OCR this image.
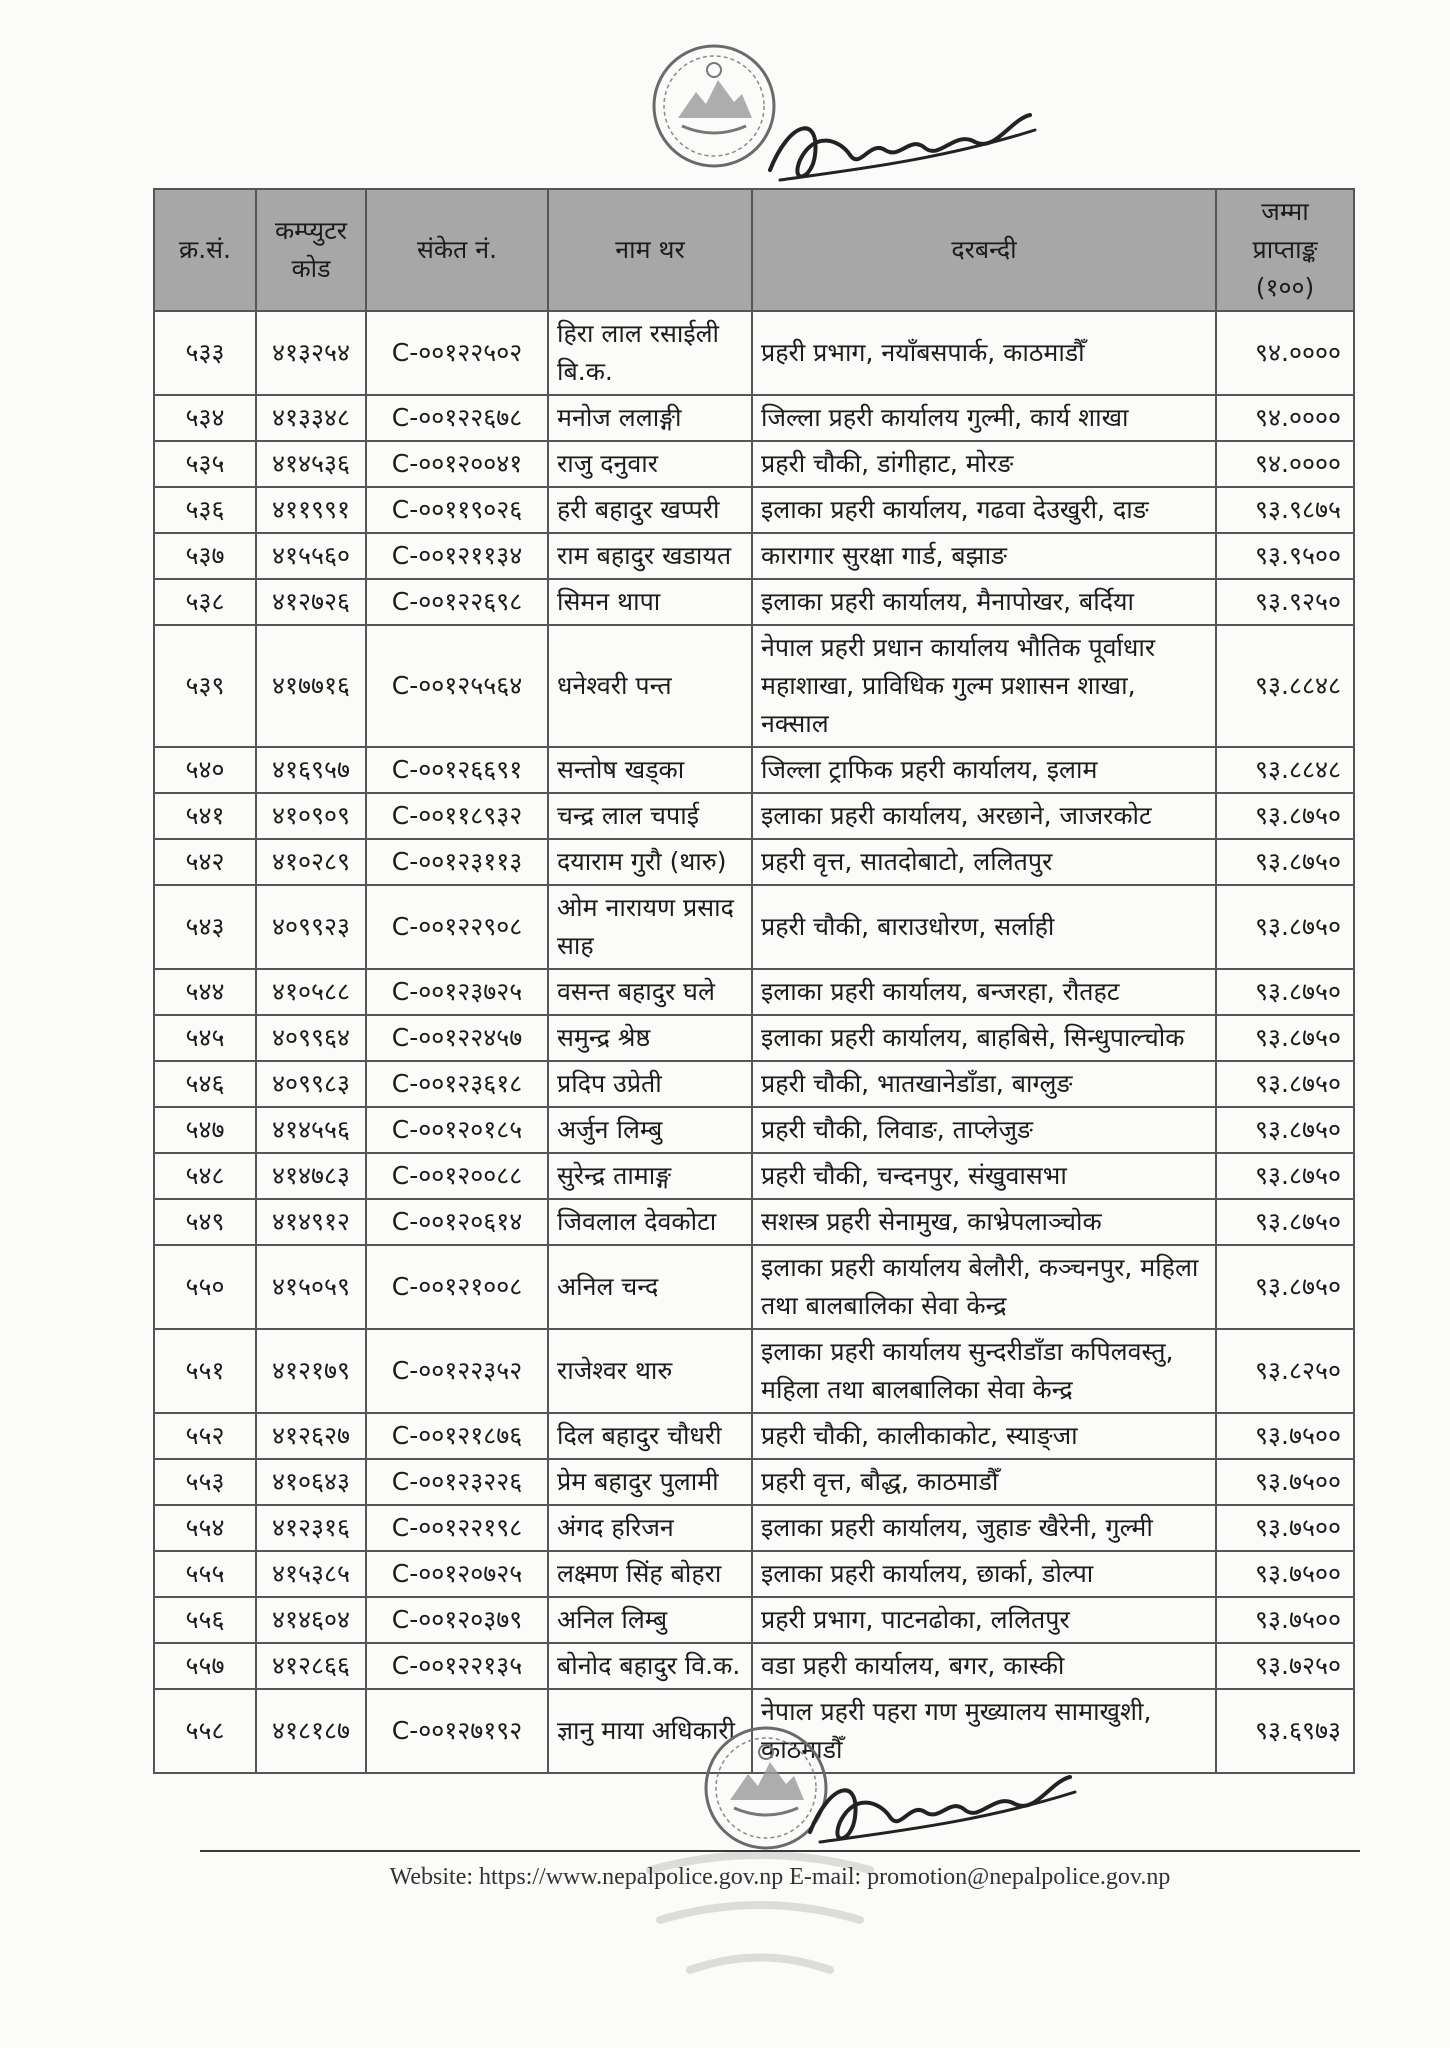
क्र.सं.	कम्प्युटर कोड	संकेत नं.	नाम थर	दरबन्दी	जम्मा प्राप्ताङ्क (१००)
५३३	४१३२५४	C-००१२२५०२	हिरा लाल रसाईली बि.क.	प्रहरी प्रभाग, नयाँबसपार्क, काठमाडौँ	९४.००००
५३४	४१३३४८	C-००१२२६७८	मनोज ललाङ्गी	जिल्ला प्रहरी कार्यालय गुल्मी, कार्य शाखा	९४.००००
५३५	४१४५३६	C-००१२००४१	राजु दनुवार	प्रहरी चौकी, डांगीहाट, मोरङ	९४.००००
५३६	४११९९१	C-००११९०२६	हरी बहादुर खप्परी	इलाका प्रहरी कार्यालय, गढवा देउखुरी, दाङ	९३.९८७५
५३७	४१५५६०	C-००१२११३४	राम बहादुर खडायत	कारागार सुरक्षा गार्ड, बझाङ	९३.९५००
५३८	४१२७२६	C-००१२२६९८	सिमन थापा	इलाका प्रहरी कार्यालय, मैनापोखर, बर्दिया	९३.९२५०
५३९	४१७७१६	C-००१२५५६४	धनेश्वरी पन्त	नेपाल प्रहरी प्रधान कार्यालय भौतिक पूर्वाधार महाशाखा, प्राविधिक गुल्म प्रशासन शाखा, नक्साल	९३.८८४८
५४०	४१६९५७	C-००१२६६९१	सन्तोष खड्का	जिल्ला ट्राफिक प्रहरी कार्यालय, इलाम	९३.८८४८
५४१	४१०९०९	C-००११८९३२	चन्द्र लाल चपाई	इलाका प्रहरी कार्यालय, अरछाने, जाजरकोट	९३.८७५०
५४२	४१०२८९	C-००१२३११३	दयाराम गुरौ (थारु)	प्रहरी वृत्त, सातदोबाटो, ललितपुर	९३.८७५०
५४३	४०९९२३	C-००१२२९०८	ओम नारायण प्रसाद साह	प्रहरी चौकी, बाराउधोरण, सर्लाही	९३.८७५०
५४४	४१०५८८	C-००१२३७२५	वसन्त बहादुर घले	इलाका प्रहरी कार्यालय, बन्जरहा, रौतहट	९३.८७५०
५४५	४०९९६४	C-००१२२४५७	समुन्द्र श्रेष्ठ	इलाका प्रहरी कार्यालय, बाहबिसे, सिन्धुपाल्चोक	९३.८७५०
५४६	४०९९८३	C-००१२३६१८	प्रदिप उप्रेती	प्रहरी चौकी, भातखानेडाँडा, बाग्लुङ	९३.८७५०
५४७	४१४५५६	C-००१२०१८५	अर्जुन लिम्बु	प्रहरी चौकी, लिवाङ, ताप्लेजुङ	९३.८७५०
५४८	४१४७८३	C-००१२००८८	सुरेन्द्र तामाङ्ग	प्रहरी चौकी, चन्दनपुर, संखुवासभा	९३.८७५०
५४९	४१४९१२	C-००१२०६१४	जिवलाल देवकोटा	सशस्त्र प्रहरी सेनामुख, काभ्रेपलाञ्चोक	९३.८७५०
५५०	४१५०५९	C-००१२१००८	अनिल चन्द	इलाका प्रहरी कार्यालय बेलौरी, कञ्चनपुर, महिला तथा बालबालिका सेवा केन्द्र	९३.८७५०
५५१	४१२१७९	C-००१२२३५२	राजेश्वर थारु	इलाका प्रहरी कार्यालय सुन्दरीडाँडा कपिलवस्तु, महिला तथा बालबालिका सेवा केन्द्र	९३.८२५०
५५२	४१२६२७	C-००१२१८७६	दिल बहादुर चौधरी	प्रहरी चौकी, कालीकाकोट, स्याङ्जा	९३.७५००
५५३	४१०६४३	C-००१२३२२६	प्रेम बहादुर पुलामी	प्रहरी वृत्त, बौद्ध, काठमाडौँ	९३.७५००
५५४	४१२३१६	C-००१२२१९८	अंगद हरिजन	इलाका प्रहरी कार्यालय, जुहाङ खैरेनी, गुल्मी	९३.७५००
५५५	४१५३८५	C-००१२०७२५	लक्ष्मण सिंह बोहरा	इलाका प्रहरी कार्यालय, छार्का, डोल्पा	९३.७५००
५५६	४१४६०४	C-००१२०३७९	अनिल लिम्बु	प्रहरी प्रभाग, पाटनढोका, ललितपुर	९३.७५००
५५७	४१२८६६	C-००१२२१३५	बोनोद बहादुर वि.क.	वडा प्रहरी कार्यालय, बगर, कास्की	९३.७२५०
५५८	४१८१८७	C-००१२७१९२	ज्ञानु माया अधिकारी	नेपाल प्रहरी पहरा गण मुख्यालय सामाखुशी, काठमाडौँ	९३.६९७३
Website: https://www.nepalpolice.gov.np E-mail: promotion@nepalpolice.gov.np
